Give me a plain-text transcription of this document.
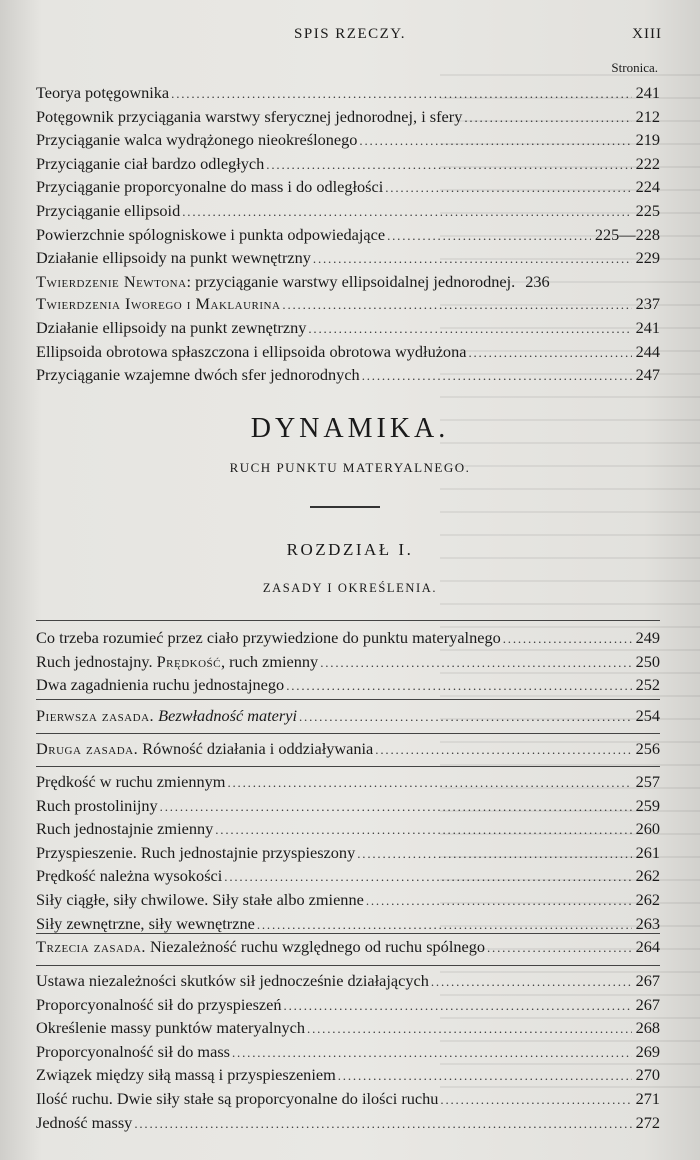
SPIS RZECZY.	XIII
Stronica.
Teorya potęgownika .....	241
Potęgownik przyciągania warstwy sferycznej jednorodnej, i sfery .....	212
Przyciąganie walca wydrążonego nieokreślonego .....	219
Przyciąganie ciał bardzo odległych .....	222
Przyciąganie proporcyonalne do mass i do odległości .....	224
Przyciąganie ellipsoid .....	225
Powierzchnie spólogniskowe i punkta odpowiedające .....	225—228
Działanie ellipsoidy na punkt wewnętrzny .....	229
Twierdzenie Newtona: przyciąganie warstwy ellipsoidalnej jednorodnej. 236
Twierdzenia Iworego i Maklaurina .....	237
Działanie ellipsoidy na punkt zewnętrzny .....	241
Ellipsoida obrotowa spłaszczona i ellipsoida obrotowa wydłużona .....	244
Przyciąganie wzajemne dwóch sfer jednorodnych .....	247
DYNAMIKA.
RUCH PUNKTU MATERYALNEGO.
ROZDZIAŁ I.
ZASADY I OKREŚLENIA.
Co trzeba rozumieć przez ciało przywiedzione do punktu materyalnego .....	249
Ruch jednostajny. Prędkość, ruch zmienny .....	250
Dwa zagadnienia ruchu jednostajnego .....	252
Pierwsza zasada. Bezwładność materyi .....	254
Druga zasada. Równość działania i oddziaływania .....	256
Prędkość w ruchu zmiennym .....	257
Ruch prostolinijny .....	259
Ruch jednostajnie zmienny .....	260
Przyspieszenie. Ruch jednostajnie przyspieszony .....	261
Prędkość należna wysokości .....	262
Siły ciągłe, siły chwilowe. Siły stałe albo zmienne .....	262
Siły zewnętrzne, siły wewnętrzne .....	263
Trzecia zasada. Niezależność ruchu względnego od ruchu spólnego .....	264
Ustawa niezależności skutków sił jednocześnie działających .....	267
Proporcyonalność sił do przyspieszeń .....	267
Określenie massy punktów materyalnych .....	268
Proporcyonalność sił do mass .....	269
Związek między siłą massą i przyspieszeniem .....	270
Ilość ruchu. Dwie siły stałe są proporcyonalne do ilości ruchu .....	271
Jedność massy .....	272
